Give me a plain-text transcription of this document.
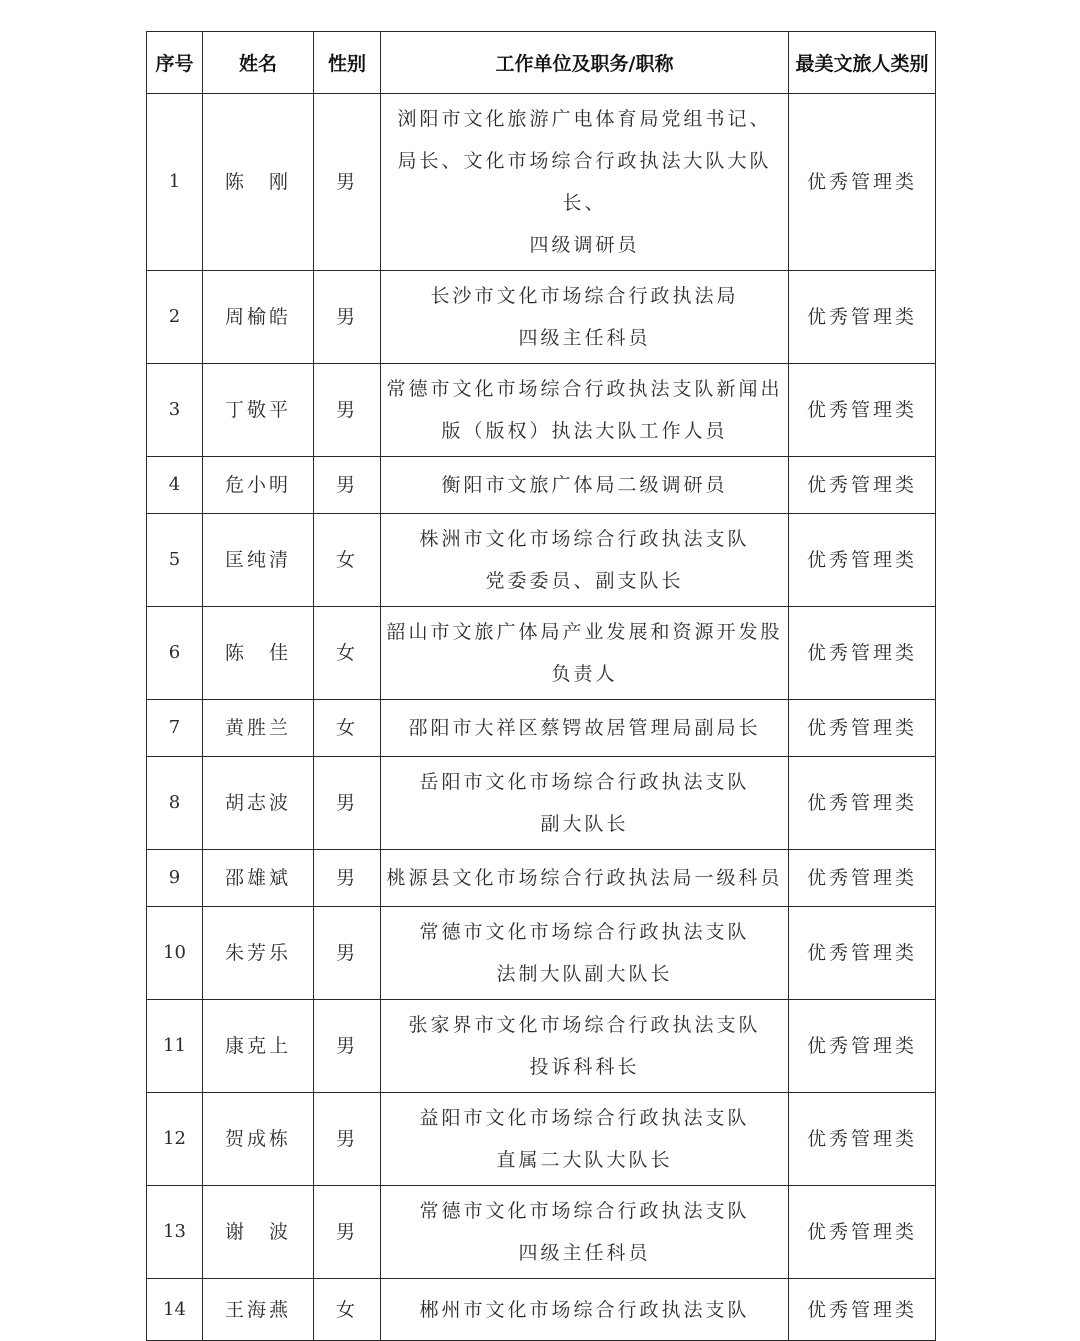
序号	姓名	性别	工作单位及职务/职称	最美文旅人类别
1	陈　刚	男	浏阳市文化旅游广电体育局党组书记、
局长、文化市场综合行政执法大队大队长、
四级调研员	优秀管理类
2	周榆皓	男	长沙市文化市场综合行政执法局
四级主任科员	优秀管理类
3	丁敬平	男	常德市文化市场综合行政执法支队新闻出
版（版权）执法大队工作人员	优秀管理类
4	危小明	男	衡阳市文旅广体局二级调研员	优秀管理类
5	匡纯清	女	株洲市文化市场综合行政执法支队
党委委员、副支队长	优秀管理类
6	陈　佳	女	韶山市文旅广体局产业发展和资源开发股
负责人	优秀管理类
7	黄胜兰	女	邵阳市大祥区蔡锷故居管理局副局长	优秀管理类
8	胡志波	男	岳阳市文化市场综合行政执法支队
副大队长	优秀管理类
9	邵雄斌	男	桃源县文化市场综合行政执法局一级科员	优秀管理类
10	朱芳乐	男	常德市文化市场综合行政执法支队
法制大队副大队长	优秀管理类
11	康克上	男	张家界市文化市场综合行政执法支队
投诉科科长	优秀管理类
12	贺成栋	男	益阳市文化市场综合行政执法支队
直属二大队大队长	优秀管理类
13	谢　波	男	常德市文化市场综合行政执法支队
四级主任科员	优秀管理类
14	王海燕	女	郴州市文化市场综合行政执法支队	优秀管理类
